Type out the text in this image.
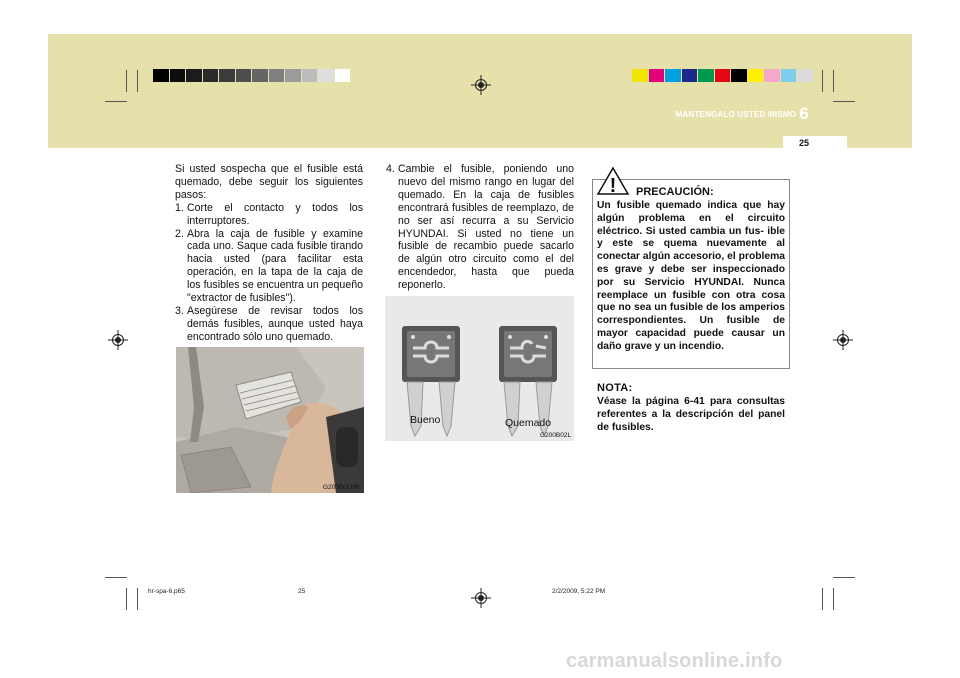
MANTENGALO USTED MISMO 6
25
Si usted sospecha que el fusible está quemado, debe seguir los siguientes pasos:
1. Corte el contacto y todos los interruptores.
2. Abra la caja de fusible y examine cada uno. Saque cada fusible tirando hacia usted (para facilitar esta operación, en la tapa de la caja de los fusibles se encuentra un pequeño "extractor de fusibles").
3. Asegúrese de revisar todos los demás fusibles, aunque usted haya encontrado sólo uno quemado.
G200B01HR
4. Cambie el fusible, poniendo uno nuevo del mismo rango en lugar del quemado. En la caja de fusibles encontrará fusibles de reemplazo, de no ser así recurra a su Servicio HYUNDAI. Si usted no tiene un fusible de recambio puede sacarlo de algún otro circuito como el del encendedor, hasta que pueda reponerlo.
Bueno	Quemado
G200B02L
! PRECAUCIÓN:
Un fusible quemado indica que hay algún problema en el circuito eléctrico. Si usted cambia un fus- ible y este se quema nuevamente al conectar algún accesorio, el problema es grave y debe ser inspeccionado por su Servicio HYUNDAI. Nunca reemplace un fusible con otra cosa que no sea un fusible de los amperios correspondientes. Un fusible de mayor capacidad puede causar un daño grave y un incendio.
NOTA:
Véase la página 6-41 para consultas referentes a la descripción del panel de fusibles.
hr-spa-6.p65	25	2/2/2009, 5:22 PM
carmanualsonline.info
